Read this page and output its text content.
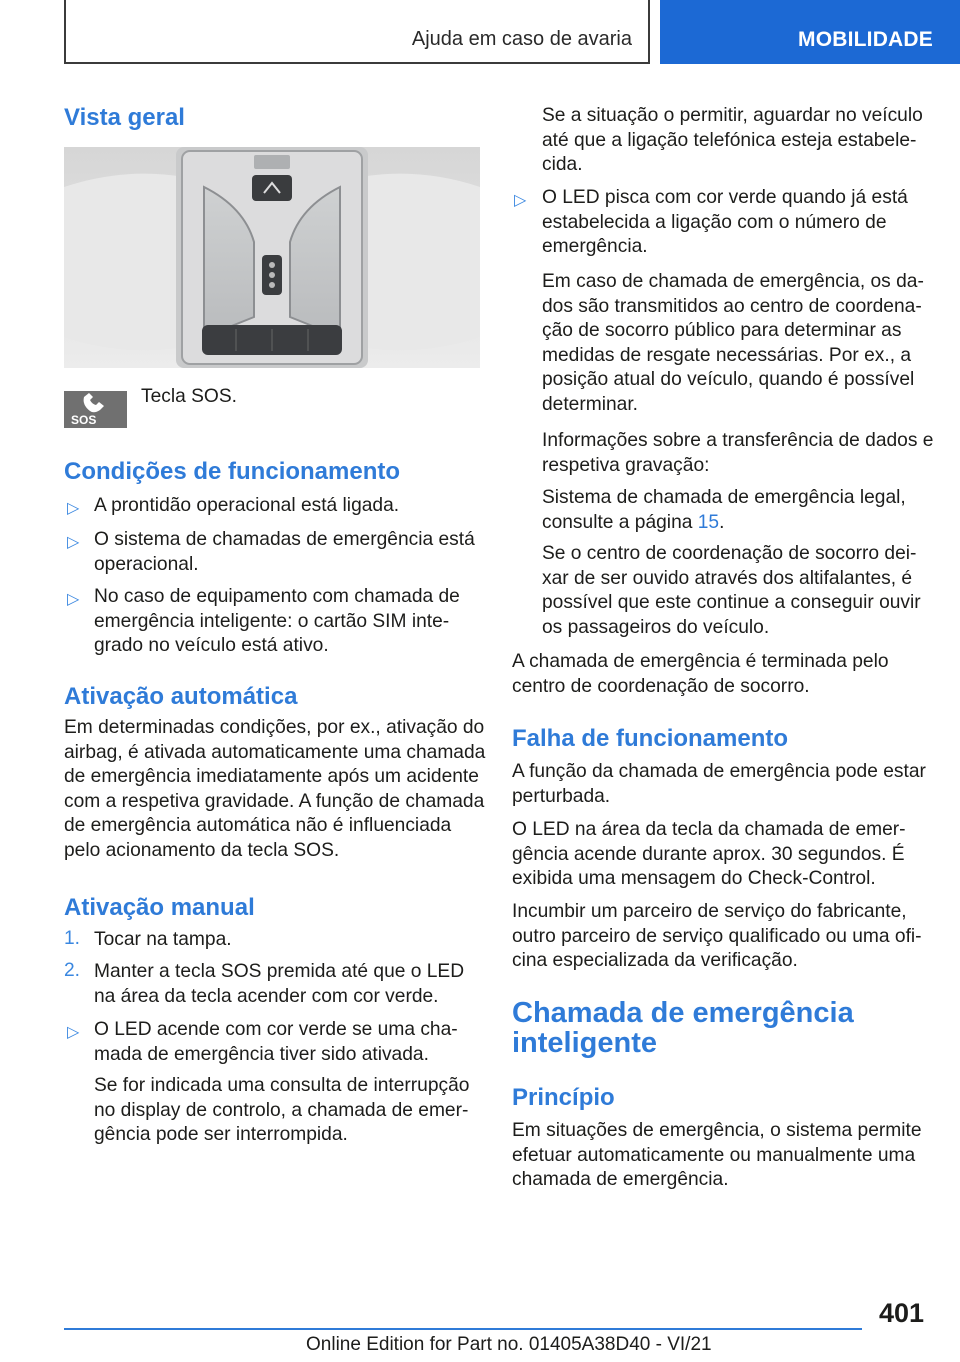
Ajuda em caso de avaria	MOBILIDADE
Vista geral
SOS
Tecla SOS.
Condições de funcionamento
▷ A prontidão operacional está ligada.
▷ O sistema de chamadas de emergência está
operacional.
▷ No caso de equipamento com chamada de
emergência inteligente: o cartão SIM inte-
grado no veículo está ativo.
Ativação automática
Em determinadas condições, por ex., ativação do
airbag, é ativada automaticamente uma chamada
de emergência imediatamente após um acidente
com a respetiva gravidade. A função de chamada
de emergência automática não é influenciada
pelo acionamento da tecla SOS.
Ativação manual
1. Tocar na tampa.
2. Manter a tecla SOS premida até que o LED
na área da tecla acender com cor verde.
▷ O LED acende com cor verde se uma cha-
mada de emergência tiver sido ativada.
Se for indicada uma consulta de interrupção
no display de controlo, a chamada de emer-
gência pode ser interrompida.
Se a situação o permitir, aguardar no veículo
até que a ligação telefónica esteja estabele-
cida.
▷ O LED pisca com cor verde quando já está
estabelecida a ligação com o número de
emergência.
Em caso de chamada de emergência, os da-
dos são transmitidos ao centro de coordena-
ção de socorro público para determinar as
medidas de resgate necessárias. Por ex., a
posição atual do veículo, quando é possível
determinar.
Informações sobre a transferência de dados e
respetiva gravação:
Sistema de chamada de emergência legal,
consulte a página 15.
Se o centro de coordenação de socorro dei-
xar de ser ouvido através dos altifalantes, é
possível que este continue a conseguir ouvir
os passageiros do veículo.
A chamada de emergência é terminada pelo
centro de coordenação de socorro.
Falha de funcionamento
A função da chamada de emergência pode estar
perturbada.
O LED na área da tecla da chamada de emer-
gência acende durante aprox. 30 segundos. É
exibida uma mensagem do Check-Control.
Incumbir um parceiro de serviço do fabricante,
outro parceiro de serviço qualificado ou uma ofi-
cina especializada da verificação.
Chamada de emergência
inteligente
Princípio
Em situações de emergência, o sistema permite
efetuar automaticamente ou manualmente uma
chamada de emergência.
401
Online Edition for Part no. 01405A38D40 - VI/21
